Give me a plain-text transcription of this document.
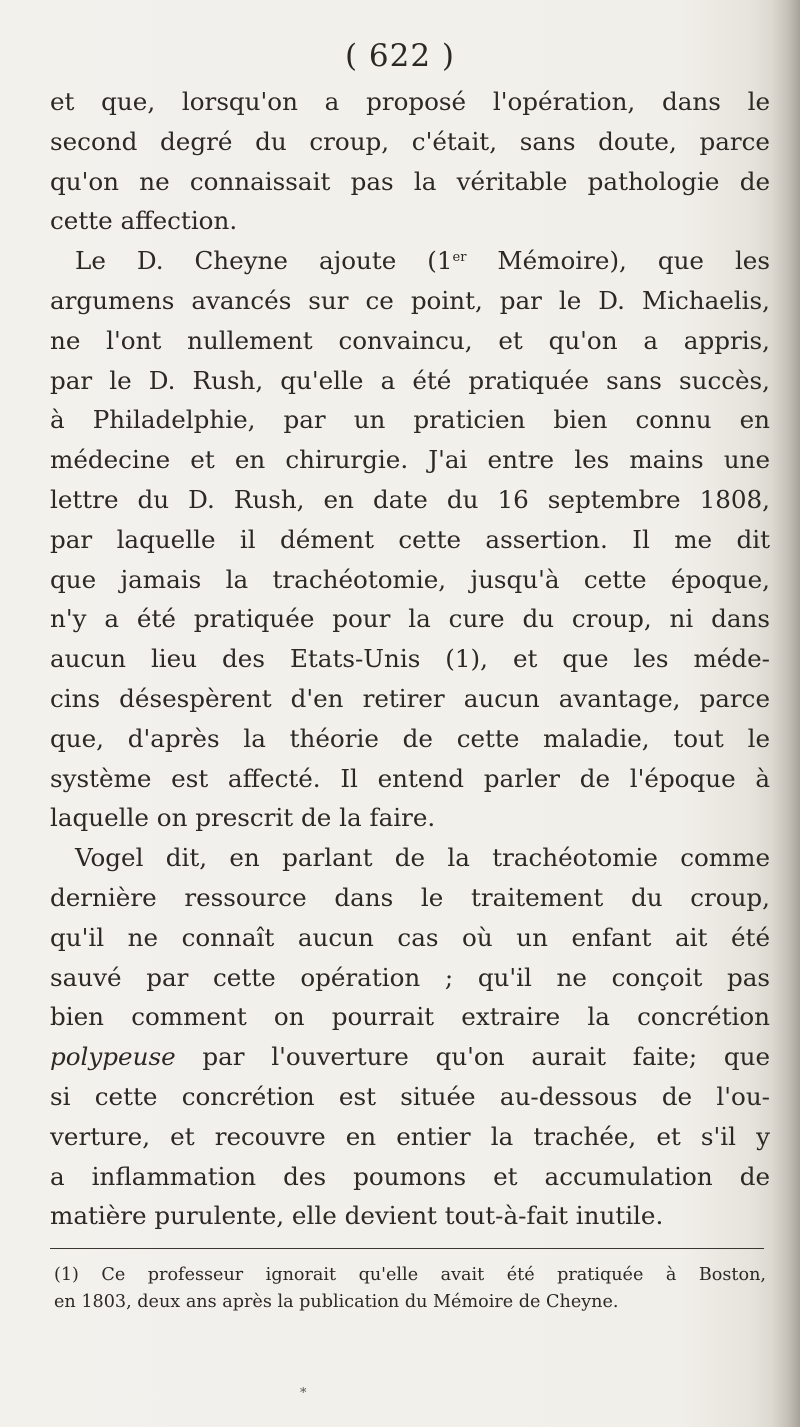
( 622 )
et que, lorsqu'on a proposé l'opération, dans le
second degré du croup, c'était, sans doute, parce
qu'on ne connaissait pas la véritable pathologie de
cette affection.
Le D. Cheyne ajoute (1er Mémoire), que les
argumens avancés sur ce point, par le D. Michaelis,
ne l'ont nullement convaincu, et qu'on a appris,
par le D. Rush, qu'elle a été pratiquée sans succès,
à Philadelphie, par un praticien bien connu en
médecine et en chirurgie. J'ai entre les mains une
lettre du D. Rush, en date du 16 septembre 1808,
par laquelle il dément cette assertion. Il me dit
que jamais la trachéotomie, jusqu'à cette époque,
n'y a été pratiquée pour la cure du croup, ni dans
aucun lieu des Etats-Unis (1), et que les méde-
cins désespèrent d'en retirer aucun avantage, parce
que, d'après la théorie de cette maladie, tout le
système est affecté. Il entend parler de l'époque à
laquelle on prescrit de la faire.
Vogel dit, en parlant de la trachéotomie comme
dernière ressource dans le traitement du croup,
qu'il ne connaît aucun cas où un enfant ait été
sauvé par cette opération ; qu'il ne conçoit pas
bien comment on pourrait extraire la concrétion
polypeuse par l'ouverture qu'on aurait faite; que
si cette concrétion est située au-dessous de l'ou-
verture, et recouvre en entier la trachée, et s'il y
a inflammation des poumons et accumulation de
matière purulente, elle devient tout-à-fait inutile.
(1) Ce professeur ignorait qu'elle avait été pratiquée à Boston,
en 1803, deux ans après la publication du Mémoire de Cheyne.
*
